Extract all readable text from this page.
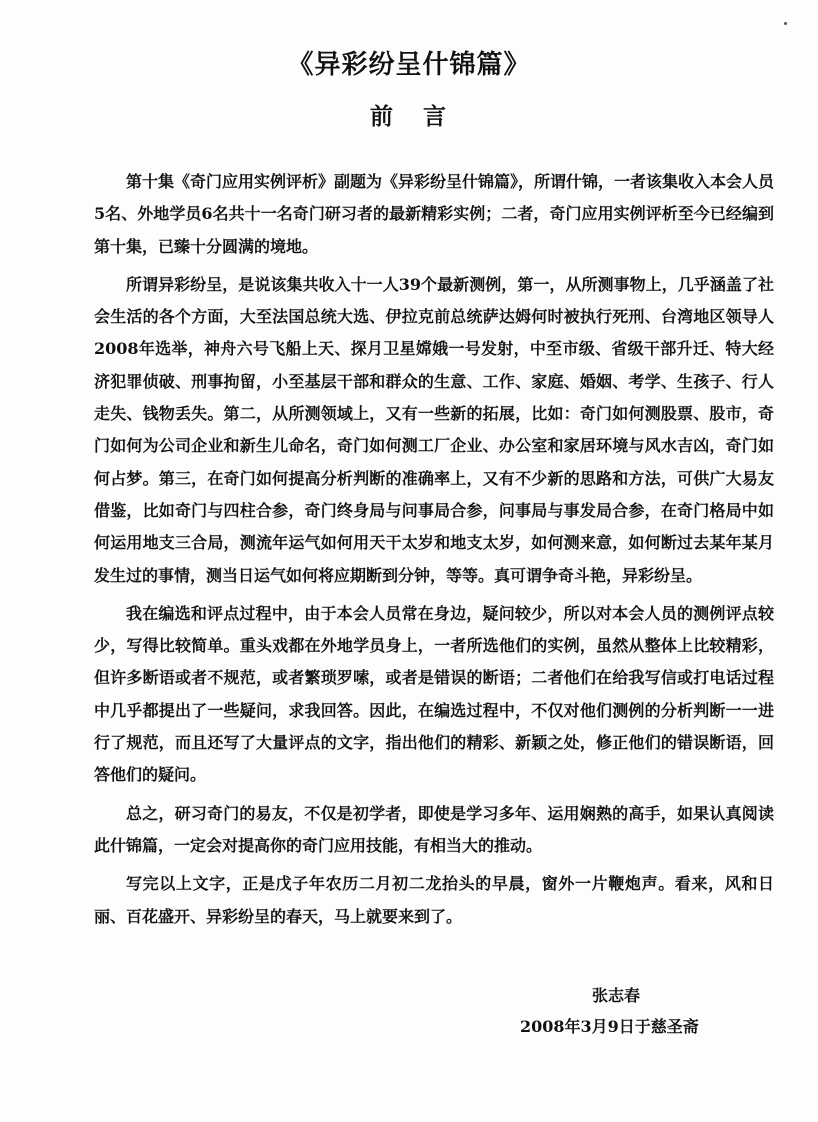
《异彩纷呈什锦篇》
前言

第十集《奇门应用实例评析》副题为《异彩纷呈什锦篇》，所谓什锦，一者该集收入本会人员5名、外地学员6名共十一名奇门研习者的最新精彩实例；二者，奇门应用实例评析至今已经编到第十集，已臻十分圆满的境地。

所谓异彩纷呈，是说该集共收入十一人39个最新测例，第一，从所测事物上，几乎涵盖了社会生活的各个方面，大至法国总统大选、伊拉克前总统萨达姆何时被执行死刑、台湾地区领导人2008年选举，神舟六号飞船上天、探月卫星嫦娥一号发射，中至市级、省级干部升迁、特大经济犯罪侦破、刑事拘留，小至基层干部和群众的生意、工作、家庭、婚姻、考学、生孩子、行人走失、钱物丢失。第二，从所测领域上，又有一些新的拓展，比如：奇门如何测股票、股市，奇门如何为公司企业和新生儿命名，奇门如何测工厂企业、办公室和家居环境与风水吉凶，奇门如何占梦。第三，在奇门如何提高分析判断的准确率上，又有不少新的思路和方法，可供广大易友借鉴，比如奇门与四柱合参，奇门终身局与问事局合参，问事局与事发局合参，在奇门格局中如何运用地支三合局，测流年运气如何用天干太岁和地支太岁，如何测来意，如何断过去某年某月发生过的事情，测当日运气如何将应期断到分钟，等等。真可谓争奇斗艳，异彩纷呈。

我在编选和评点过程中，由于本会人员常在身边，疑问较少，所以对本会人员的测例评点较少，写得比较简单。重头戏都在外地学员身上，一者所选他们的实例，虽然从整体上比较精彩，但许多断语或者不规范，或者繁琐罗嗦，或者是错误的断语；二者他们在给我写信或打电话过程中几乎都提出了一些疑问，求我回答。因此，在编选过程中，不仅对他们测例的分析判断一一进行了规范，而且还写了大量评点的文字，指出他们的精彩、新颖之处，修正他们的错误断语，回答他们的疑问。

总之，研习奇门的易友，不仅是初学者，即使是学习多年、运用娴熟的高手，如果认真阅读此什锦篇，一定会对提高你的奇门应用技能，有相当大的推动。

写完以上文字，正是戊子年农历二月初二龙抬头的早晨，窗外一片鞭炮声。看来，风和日丽、百花盛开、异彩纷呈的春天，马上就要来到了。

张志春
2008年3月9日于慈圣斋
